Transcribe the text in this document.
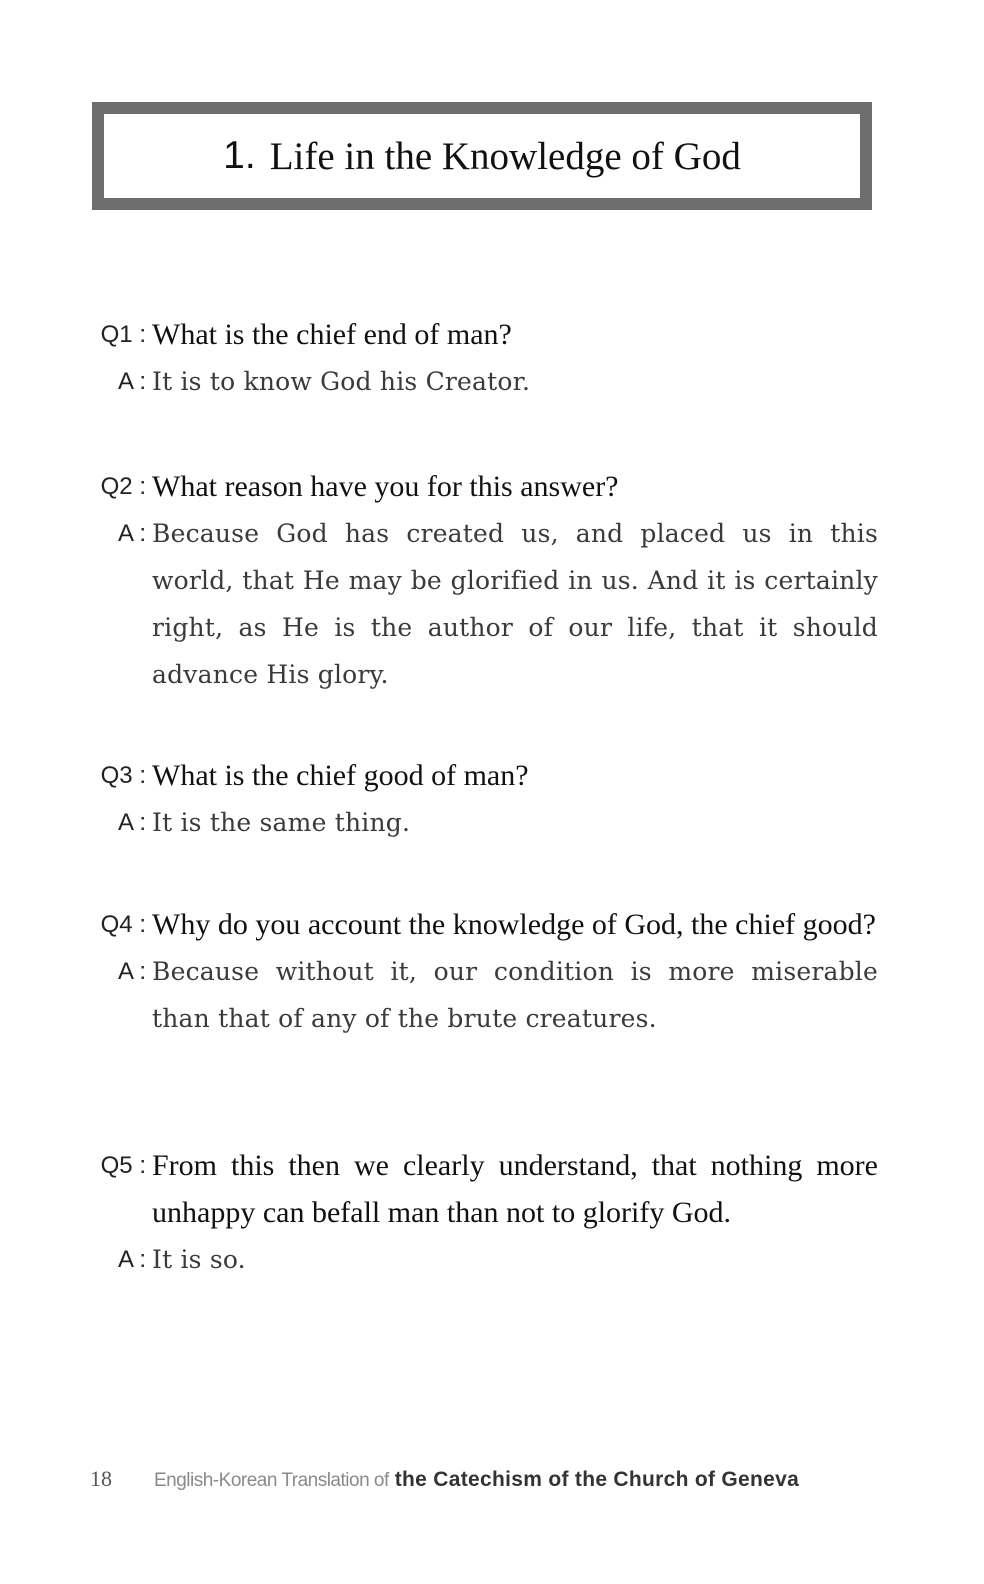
1. Life in the Knowledge of God
Q1 : What is the chief end of man?
A : It is to know God his Creator.
Q2 : What reason have you for this answer?
A : Because God has created us, and placed us in this world, that He may be glorified in us. And it is certainly right, as He is the author of our life, that it should advance His glory.
Q3 : What is the chief good of man?
A : It is the same thing.
Q4 : Why do you account the knowledge of God, the chief good?
A : Because without it, our condition is more miserable than that of any of the brute creatures.
Q5 : From this then we clearly understand, that nothing more unhappy can befall man than not to glorify God.
A : It is so.
18	English-Korean Translation of the Catechism of the Church of Geneva
